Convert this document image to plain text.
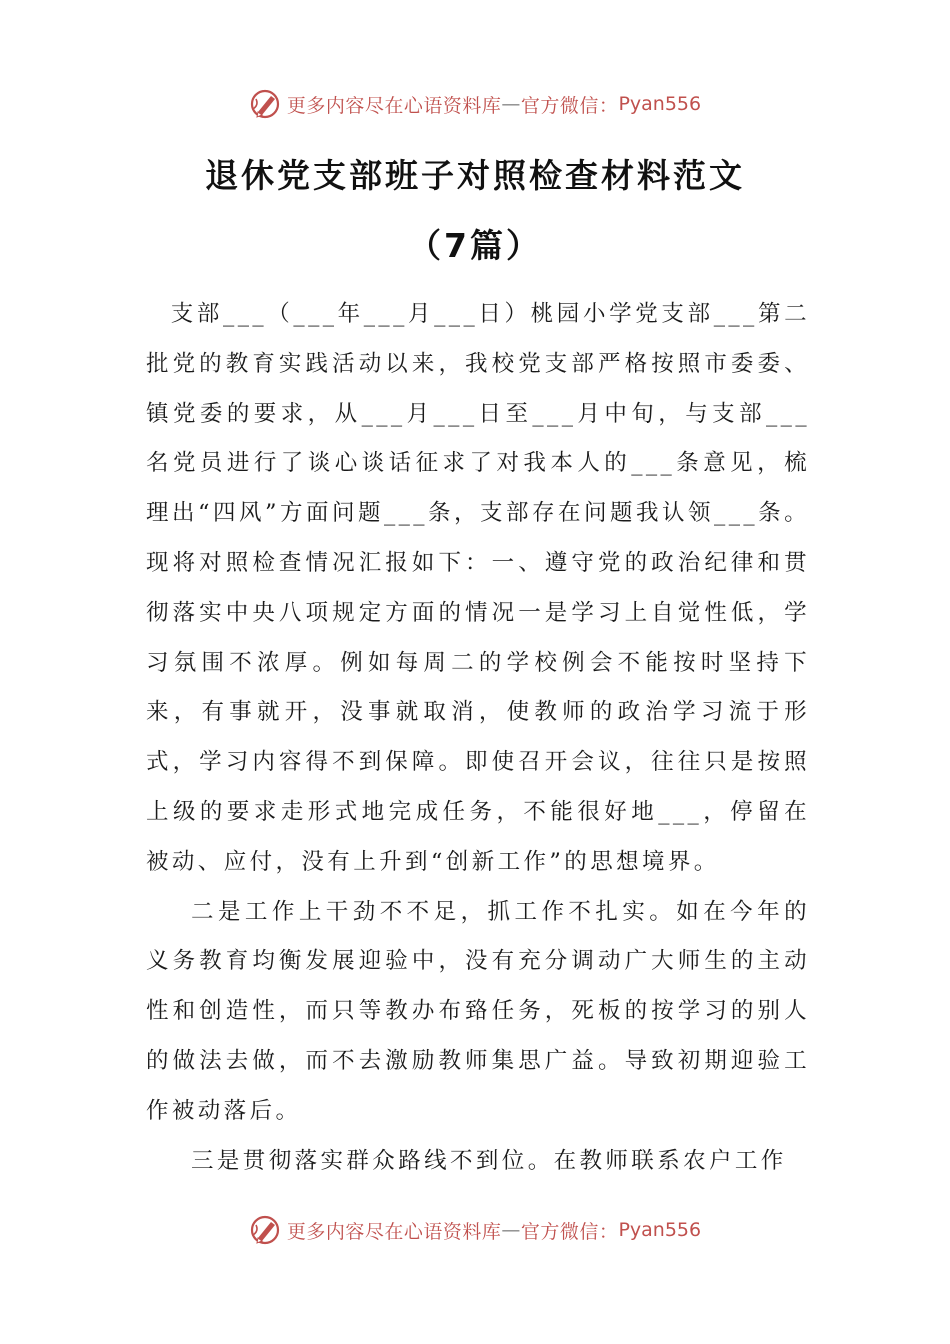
更多内容尽在心语资料库 — 官方微信： Pyan556
退休党支部班子对照检查材料范文
（7篇）

支部___（___年___月___日）桃园小学党支部___第二批党的教育实践活动以来，我校党支部严格按照市委委、镇党委的要求，从___月___日至___月中旬，与支部___名党员进行了谈心谈话征求了对我本人的___条意见，梳理出“四风”方面问题___条，支部存在问题我认领___条。现将对照检查情况汇报如下：一、遵守党的政治纪律和贯彻落实中央八项规定方面的情况一是学习上自觉性低，学习氛围不浓厚。例如每周二的学校例会不能按时坚持下来，有事就开，没事就取消，使教师的政治学习流于形式，学习内容得不到保障。即使召开会议，往往只是按照上级的要求走形式地完成任务，不能很好地___，停留在被动、应付，没有上升到“创新工作”的思想境界。

二是工作上干劲不不足，抓工作不扎实。如在今年的义务教育均衡发展迎验中，没有充分调动广大师生的主动性和创造性，而只等教办布臵任务，死板的按学习的别人的做法去做，而不去激励教师集思广益。导致初期迎验工作被动落后。

三是贯彻落实群众路线不到位。在教师联系农户工作

更多内容尽在心语资料库 — 官方微信： Pyan556
